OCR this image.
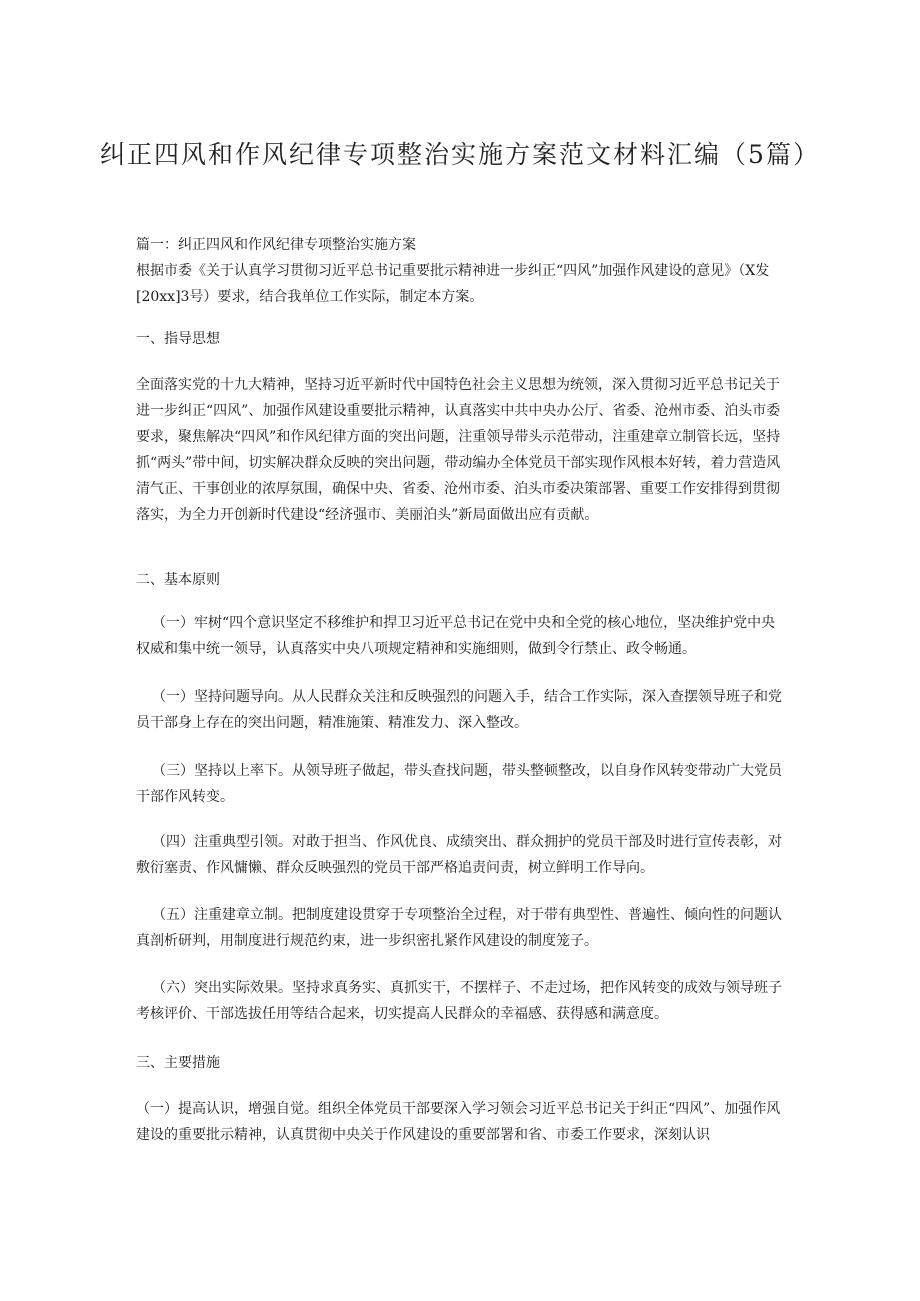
纠正四风和作风纪律专项整治实施方案范文材料汇编（5篇）

篇一：纠正四风和作风纪律专项整治实施方案

根据市委《关于认真学习贯彻习近平总书记重要批示精神进一步纠正“四风”加强作风建设的意见》（X发[20xx]3号）要求，结合我单位工作实际，制定本方案。

一、指导思想

全面落实党的十九大精神，坚持习近平新时代中国特色社会主义思想为统领，深入贯彻习近平总书记关于进一步纠正“四风”、加强作风建设重要批示精神，认真落实中共中央办公厅、省委、沧州市委、泊头市委要求，聚焦解决“四风”和作风纪律方面的突出问题，注重领导带头示范带动，注重建章立制管长远，坚持抓“两头”带中间，切实解决群众反映的突出问题，带动编办全体党员干部实现作风根本好转，着力营造风清气正、干事创业的浓厚氛围，确保中央、省委、沧州市委、泊头市委决策部署、重要工作安排得到贯彻落实，为全力开创新时代建设“经济强市、美丽泊头”新局面做出应有贡献。

二、基本原则

（一）牢树“四个意识坚定不移维护和捍卫习近平总书记在党中央和全党的核心地位，坚决维护党中央权威和集中统一领导，认真落实中央八项规定精神和实施细则，做到令行禁止、政令畅通。

（一）坚持问题导向。从人民群众关注和反映强烈的问题入手，结合工作实际，深入查摆领导班子和党员干部身上存在的突出问题，精准施策、精准发力、深入整改。

（三）坚持以上率下。从领导班子做起，带头查找问题，带头整顿整改，以自身作风转变带动广大党员干部作风转变。

（四）注重典型引领。对敢于担当、作风优良、成绩突出、群众拥护的党员干部及时进行宣传表彰，对敷衍塞责、作风慵懒、群众反映强烈的党员干部严格追责问责，树立鲜明工作导向。

（五）注重建章立制。把制度建设贯穿于专项整治全过程，对于带有典型性、普遍性、倾向性的问题认真剖析研判，用制度进行规范约束，进一步织密扎紧作风建设的制度笼子。

（六）突出实际效果。坚持求真务实、真抓实干，不摆样子、不走过场，把作风转变的成效与领导班子考核评价、干部选拔任用等结合起来，切实提高人民群众的幸福感、获得感和满意度。

三、主要措施

（一）提高认识，增强自觉。组织全体党员干部要深入学习领会习近平总书记关于纠正“四风”、加强作风建设的重要批示精神，认真贯彻中央关于作风建设的重要部署和省、市委工作要求，深刻认识
